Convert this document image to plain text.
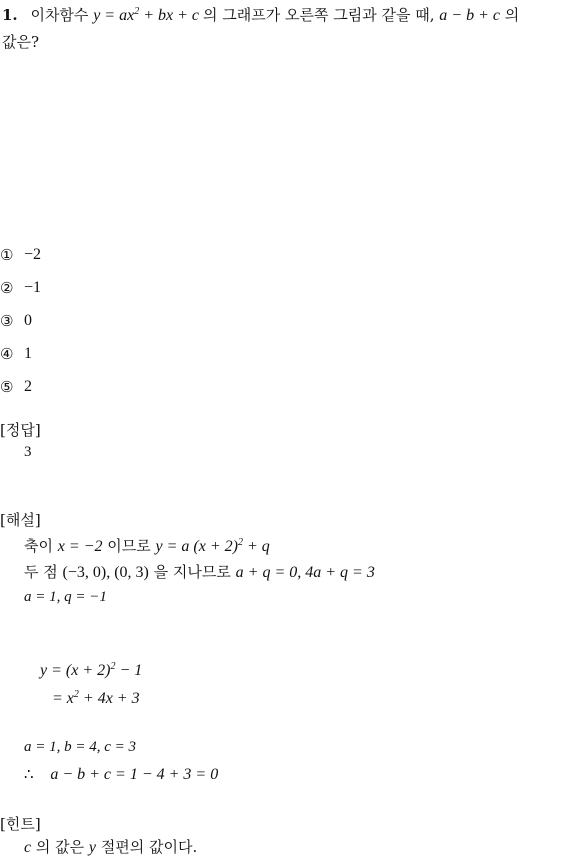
1. 이차함수 $y = ax^2$ + bx + c 의 그래프가 오른쪽 그림과 같을 때, a − b + c 의
값은?
① −2
② −1
③ 0
④ 1
⑤ 2
[정답]
3
[해설]
축이 x = −2 이므로 y = a $(x + 2)^2 + q$
두 점 (−3, 0), (0, 3) 을 지나므로 a + q = 0, 4a + q = 3
a = 1, q = −1
$y = (x + 2)^2 - 1$
= $x^2 + 4x + 3$
a = 1, b = 4, c = 3
∴ a − b + c = 1 − 4 + 3 = 0
[힌트]
c 의 값은 y 절편의 값이다.
